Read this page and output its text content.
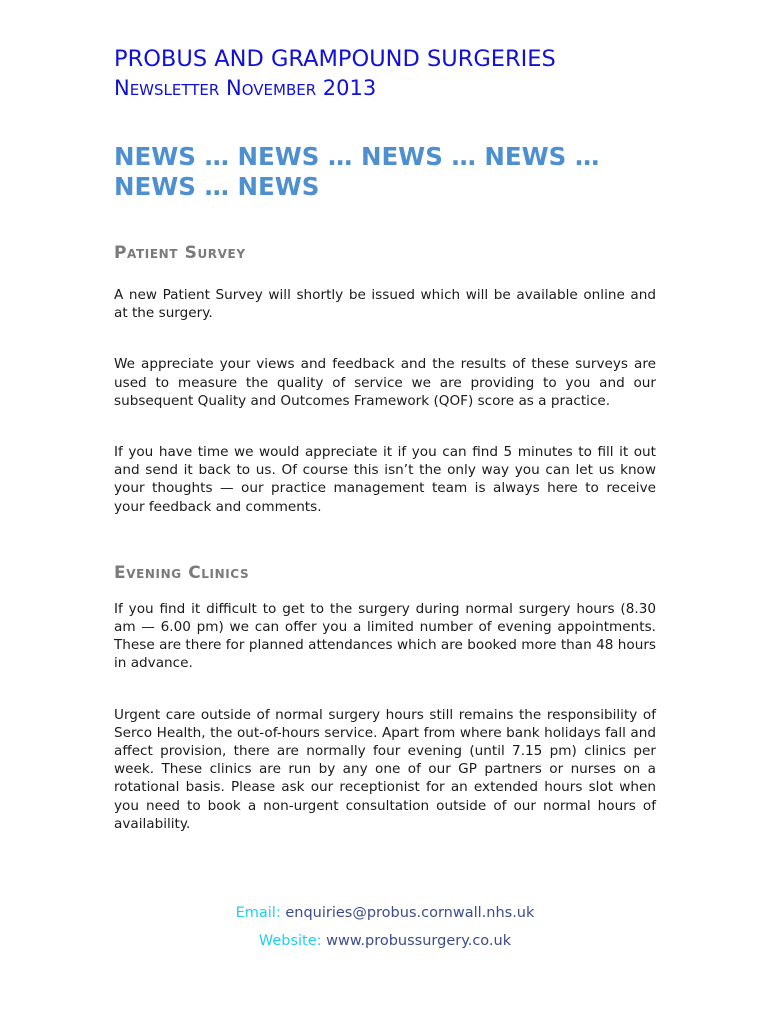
PROBUS AND GRAMPOUND SURGERIES
Newsletter November 2013
NEWS … NEWS … NEWS … NEWS … NEWS … NEWS
Patient Survey

A new Patient Survey will shortly be issued which will be available online and at the surgery.

We appreciate your views and feedback and the results of these surveys are used to measure the quality of service we are providing to you and our subsequent Quality and Outcomes Framework (QOF) score as a practice.

If you have time we would appreciate it if you can find 5 minutes to fill it out and send it back to us. Of course this isn’t the only way you can let us know your thoughts — our practice management team is always here to receive your feedback and comments.

Evening Clinics

If you find it difficult to get to the surgery during normal surgery hours (8.30 am — 6.00 pm) we can offer you a limited number of evening appointments. These are there for planned attendances which are booked more than 48 hours in advance.

Urgent care outside of normal surgery hours still remains the responsibility of Serco Health, the out-of-hours service. Apart from where bank holidays fall and affect provision, there are normally four evening (until 7.15 pm) clinics per week. These clinics are run by any one of our GP partners or nurses on a rotational basis. Please ask our receptionist for an extended hours slot when you need to book a non-urgent consultation outside of our normal hours of availability.

Email: enquiries@probus.cornwall.nhs.uk
Website: www.probussurgery.co.uk
